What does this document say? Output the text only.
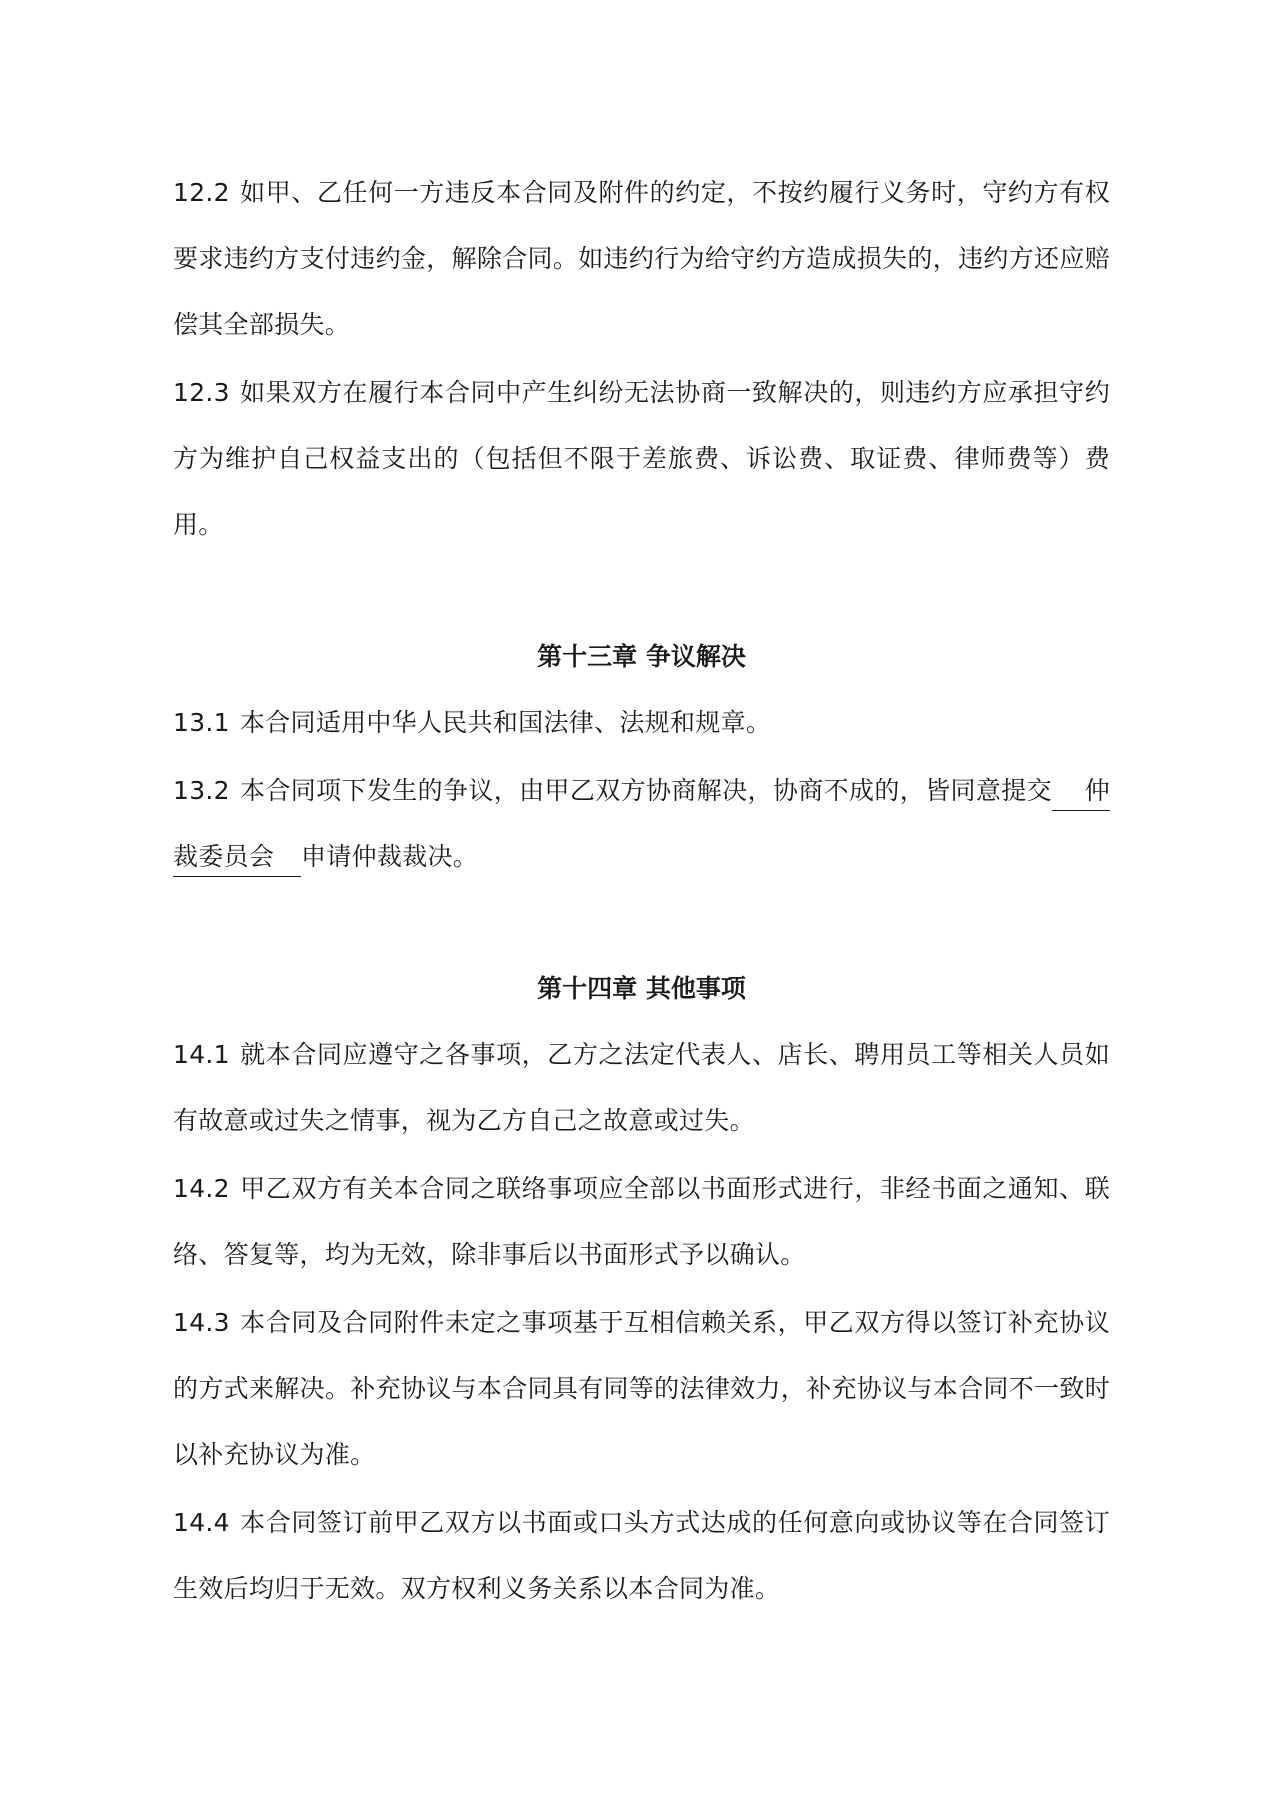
12.2 如甲、乙任何一方违反本合同及附件的约定，不按约履行义务时，守约方有权要求违约方支付违约金，解除合同。如违约行为给守约方造成损失的，违约方还应赔偿其全部损失。

12.3 如果双方在履行本合同中产生纠纷无法协商一致解决的，则违约方应承担守约方为维护自己权益支出的（包括但不限于差旅费、诉讼费、取证费、律师费等）费用。

第十三章 争议解决

13.1 本合同适用中华人民共和国法律、法规和规章。

13.2 本合同项下发生的争议，由甲乙双方协商解决，协商不成的，皆同意提交 仲裁委员会 申请仲裁裁决。

第十四章 其他事项

14.1 就本合同应遵守之各事项，乙方之法定代表人、店长、聘用员工等相关人员如有故意或过失之情事，视为乙方自己之故意或过失。

14.2 甲乙双方有关本合同之联络事项应全部以书面形式进行，非经书面之通知、联络、答复等，均为无效，除非事后以书面形式予以确认。

14.3 本合同及合同附件未定之事项基于互相信赖关系，甲乙双方得以签订补充协议的方式来解决。补充协议与本合同具有同等的法律效力，补充协议与本合同不一致时以补充协议为准。

14.4 本合同签订前甲乙双方以书面或口头方式达成的任何意向或协议等在合同签订生效后均归于无效。双方权利义务关系以本合同为准。
